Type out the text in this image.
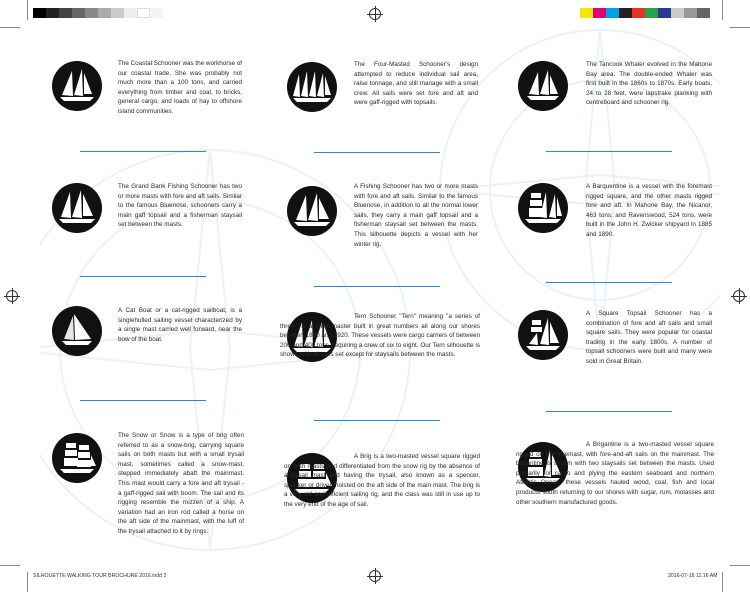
The Coastal Schooner was the workhorse of our coastal trade. She was probably not much more than a 100 tons, and carried everything from timber and coal, to bricks, general cargo, and loads of hay to offshore island communities.

The Grand Bank Fishing Schooner has two or more masts with fore and aft sails. Similar to the famous Bluenose, schooners carry a main gaff topsail and a fisherman staysail set between the masts.

A Cat Boat or a cat-rigged sailboat, is a singlehulled sailing vessel characterized by a single mast carried well forward, near the bow of the boat.

The Snow or Snow is a type of brig often referred to as a snow-brig, carrying square sails on both masts but with a small trysail mast, sometimes called a snow-mast, stepped immediately abaft the mainmast. This mast would carry a fore and aft trysail - a gaff-rigged sail with boom. The sail and its rigging resemble the mizzen of a ship. A variation had an iron rod called a horse on the aft side of the mainmast, with the luff of the trysail attached to it by rings.

The Four-Masted Schooner's design attempted to reduce individual sail area, raise tonnage, and still manage with a small crew. All sails were set fore and aft and were gaff-rigged with topsails.

A Fishing Schooner has two or more masts with fore and aft sails. Similar to the famous Bluenose, in addition to all the normal lower sails, they carry a main gaff topsail and a fisherman staysail set between the masts. This silhouette depicts a vessel with her winter rig.

Tern Schooner "Tern" meaning "a series of three," is a three-master built in great numbers all along our shores between 1880 and 1920. These vessels were cargo carriers of between 200 and 400 tons, requiring a crew of six to eight. Our Tern silhouette is shown with all sails set except for staysails between the masts.

A Brig is a two-masted vessel square rigged on both masts and differentiated from the snow rig by the absence of a trysail mast and having the trysail, also known as a spencer, spanker or driver, hoisted on the aft side of the main mast. The brig is a very old and efficient sailing rig, and the class was still in use up to the very end of the age of sail.

The Tancook Whaler evolved in the Mahone Bay area. The double-ended Whaler was first built in the 1860s to 1870s. Early boats, 24 to 28 feet, were lapstrake planking with centreboard and schooner rig.

A Barquentine is a vessel with the foremast rigged square, and the other masts rigged fore and aft. In Mahone Bay, the Nicanor, 463 tons, and Ravenswood, 524 tons, were built in the John H. Zwicker shipyard in 1885 and 1890.

A Square Topsail Schooner has a combination of fore and aft sails and small square sails. They were popular for coastal trading in the early 1800s. A number of topsail schooners were built and many were sold in Great Britain.

A Brigantine is a two-masted vessel square rigged on the foremast, with fore-and-aft sails on the mainmast. The brigantine is shown with two staysails set between the masts. Used primarily for cargo and plying the eastern seaboard and northern Atlantic Ocean, these vessels hauled wood, coal, fish and local products south returning to our shores with sugar, rum, molasses and other southern manufactured goods.

SILHOUETTE WALKING TOUR BROCHURE 2016.indd 2	2016-07-18 11:16 AM
